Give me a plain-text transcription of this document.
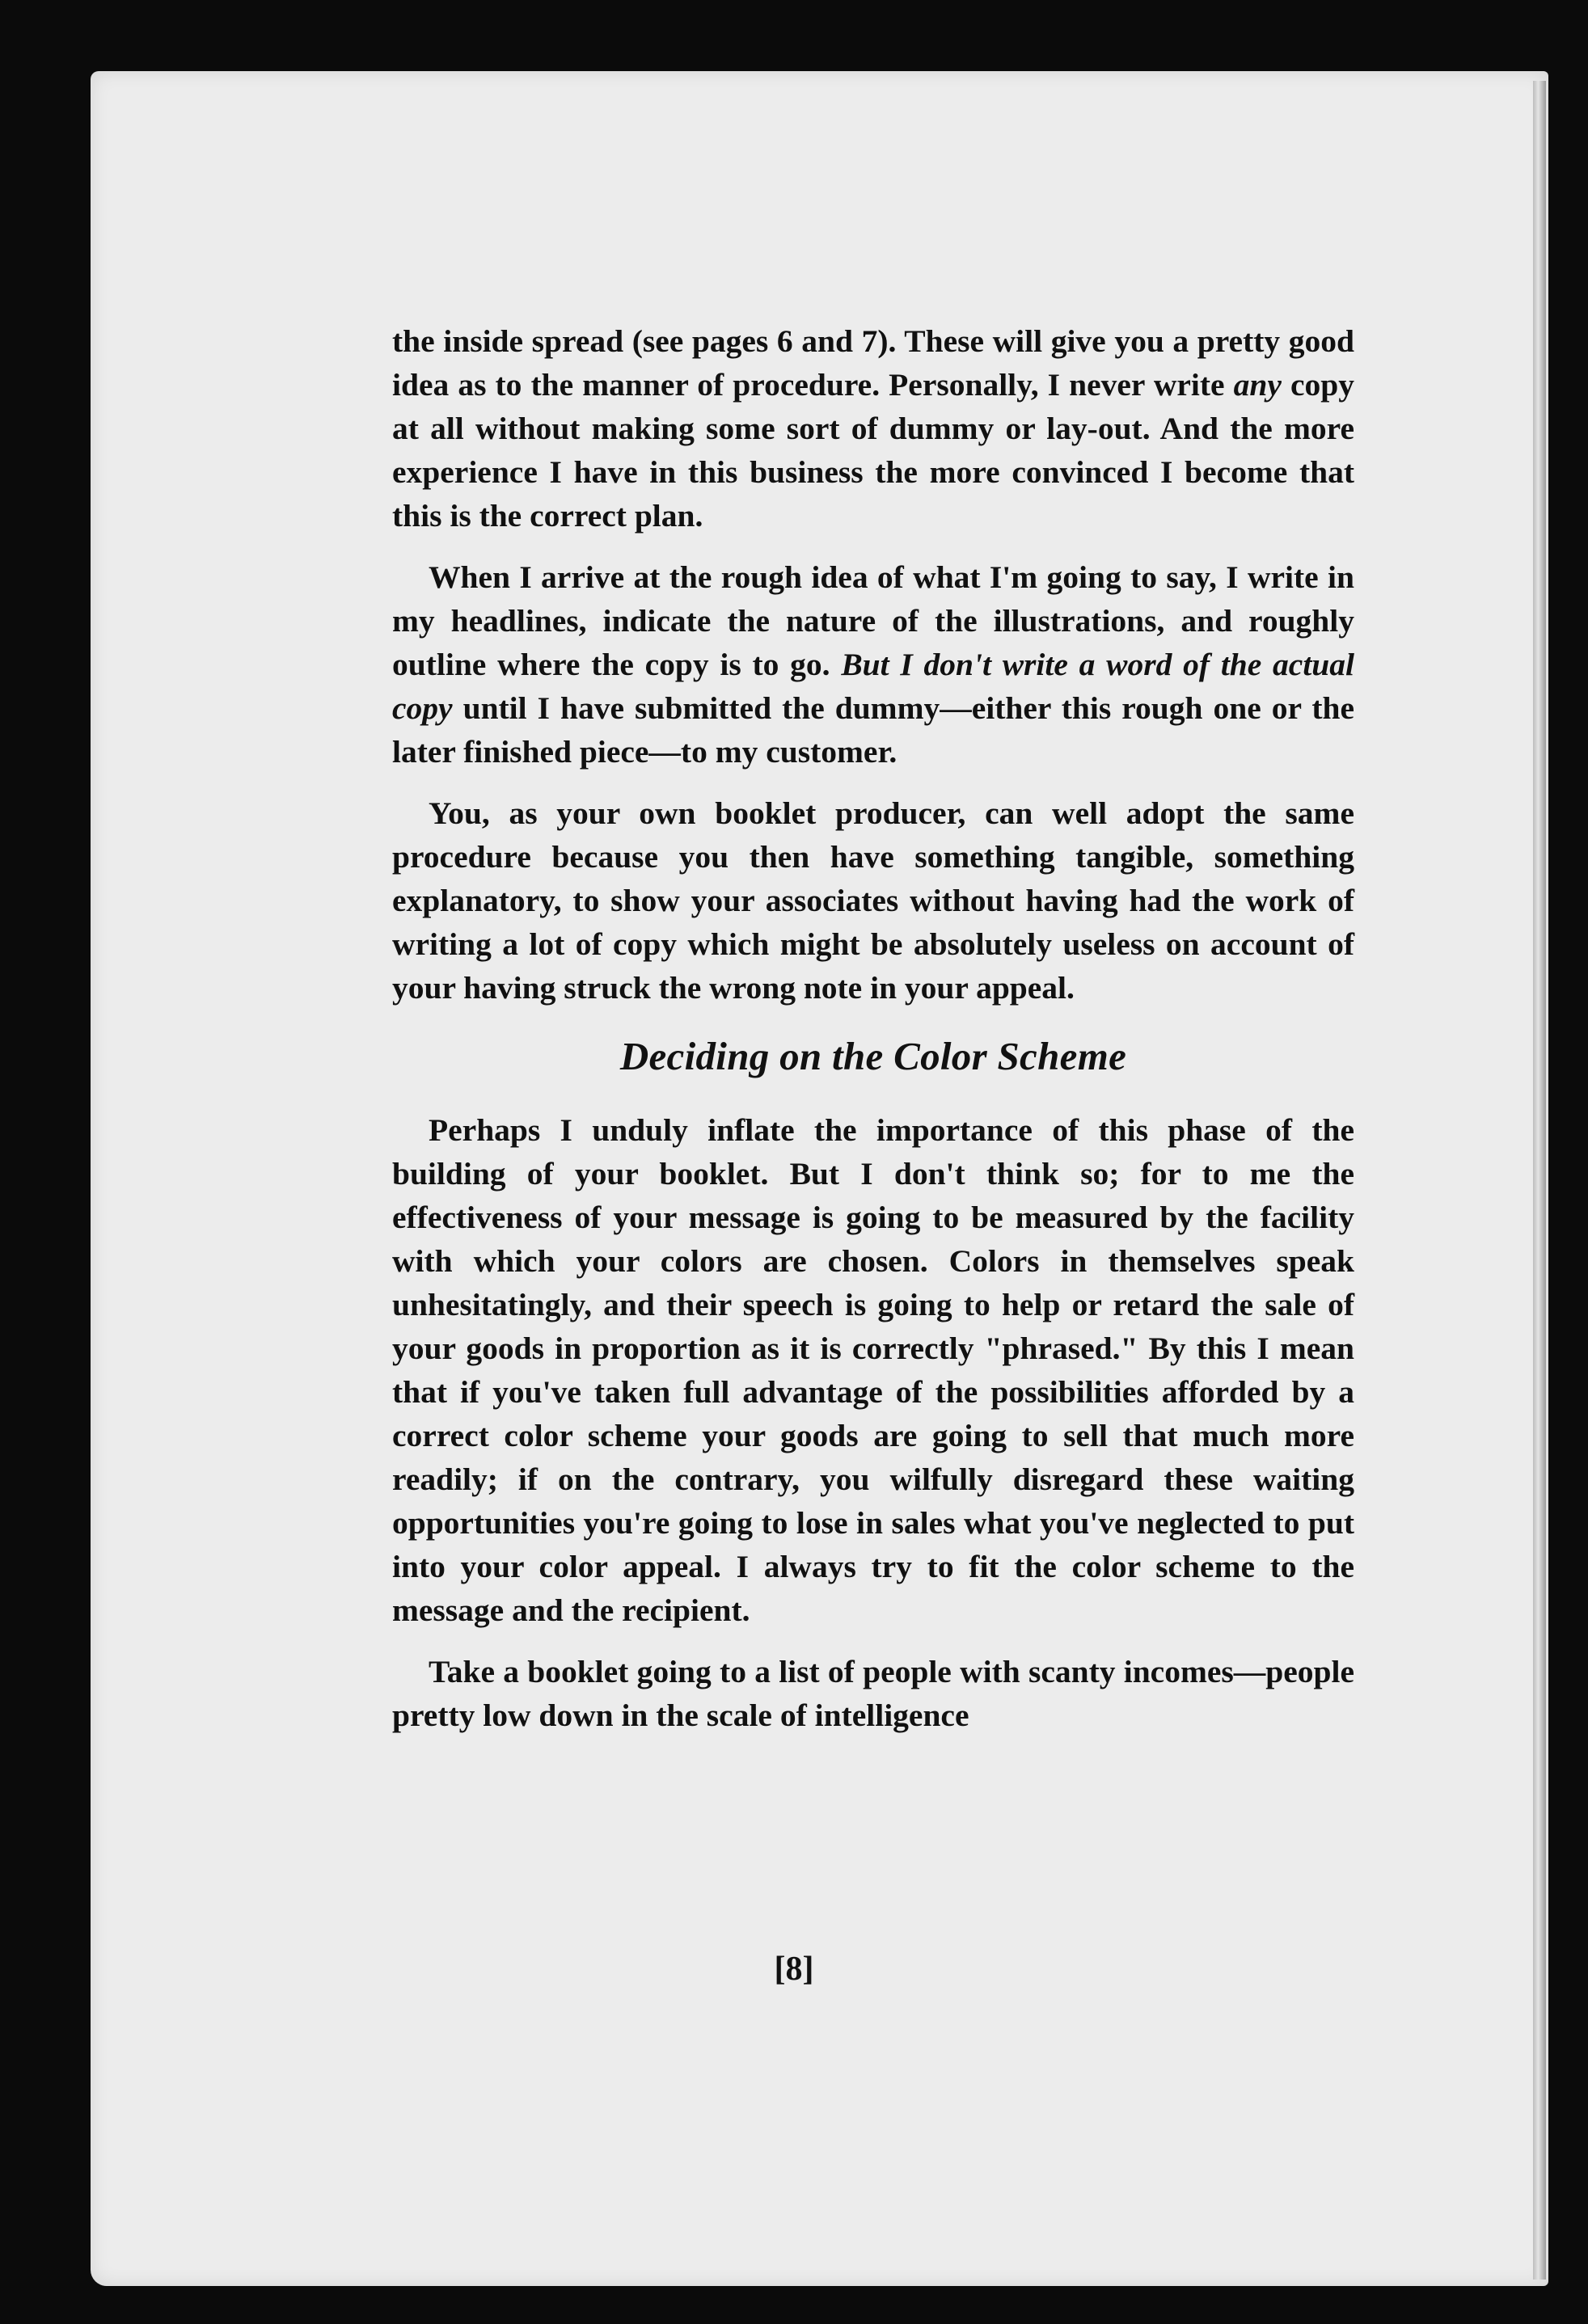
the inside spread (see pages 6 and 7). These will give you a pretty good idea as to the manner of procedure. Personally, I never write any copy at all without making some sort of dummy or lay-out. And the more experience I have in this business the more convinced I become that this is the correct plan.

When I arrive at the rough idea of what I'm going to say, I write in my headlines, indicate the nature of the illustrations, and roughly outline where the copy is to go. But I don't write a word of the actual copy until I have submitted the dummy—either this rough one or the later finished piece—to my customer.

You, as your own booklet producer, can well adopt the same procedure because you then have something tangible, something explanatory, to show your associates without having had the work of writing a lot of copy which might be absolutely useless on account of your having struck the wrong note in your appeal.

Deciding on the Color Scheme

Perhaps I unduly inflate the importance of this phase of the building of your booklet. But I don't think so; for to me the effectiveness of your message is going to be measured by the facility with which your colors are chosen. Colors in themselves speak unhesitatingly, and their speech is going to help or retard the sale of your goods in proportion as it is correctly "phrased." By this I mean that if you've taken full advantage of the possibilities afforded by a correct color scheme your goods are going to sell that much more readily; if on the contrary, you wilfully disregard these waiting opportunities you're going to lose in sales what you've neglected to put into your color appeal. I always try to fit the color scheme to the message and the recipient.

Take a booklet going to a list of people with scanty incomes—people pretty low down in the scale of intelligence

[8]
